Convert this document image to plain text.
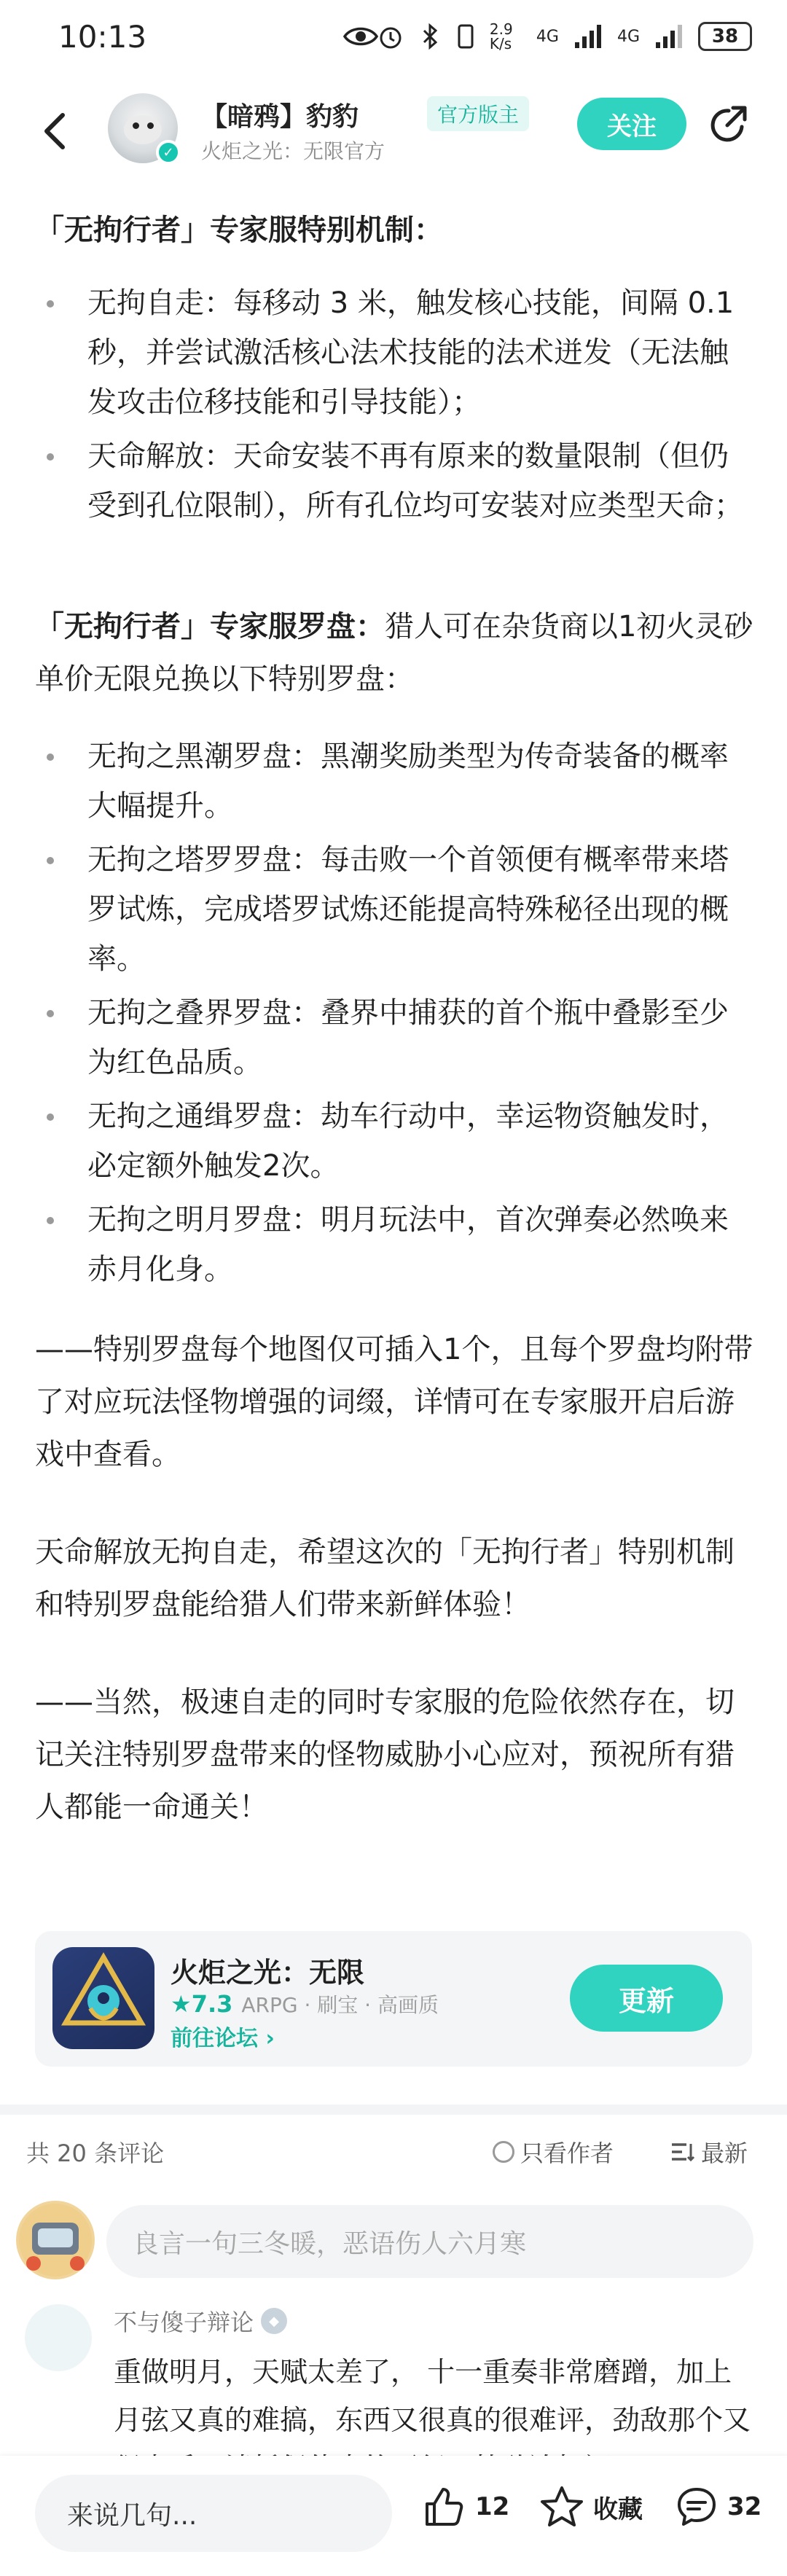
10:13	2.9 K/s	4G	4G	38
✓
【暗鸦】豹豹	官方版主
火炬之光：无限官方
关注
「无拘行者」专家服特别机制：
无拘自走：每移动 3 米，触发核心技能，间隔 0.1 秒，并尝试激活核心法术技能的法术迸发（无法触发攻击位移技能和引导技能）；
天命解放：天命安装不再有原来的数量限制（但仍受到孔位限制），所有孔位均可安装对应类型天命；
「无拘行者」专家服罗盘：猎人可在杂货商以1初火灵砂单价无限兑换以下特别罗盘：
无拘之黑潮罗盘：黑潮奖励类型为传奇装备的概率大幅提升。
无拘之塔罗罗盘：每击败一个首领便有概率带来塔罗试炼，完成塔罗试炼还能提高特殊秘径出现的概率。
无拘之叠界罗盘：叠界中捕获的首个瓶中叠影至少为红色品质。
无拘之通缉罗盘：劫车行动中，幸运物资触发时，必定额外触发2次。
无拘之明月罗盘：明月玩法中，首次弹奏必然唤来赤月化身。
——特别罗盘每个地图仅可插入1个，且每个罗盘均附带了对应玩法怪物增强的词缀，详情可在专家服开启后游戏中查看。
天命解放无拘自走，希望这次的「无拘行者」特别机制和特别罗盘能给猎人们带来新鲜体验！
——当然，极速自走的同时专家服的危险依然存在，切记关注特别罗盘带来的怪物威胁小心应对，预祝所有猎人都能一命通关！
火炬之光：无限
★7.3 ARPG · 刷宝 · 高画质
前往论坛 ›
更新
共 20 条评论	只看作者	最新
良言一句三冬暖，恶语伤人六月寒
不与傻子辩论	◆
重做明月，天赋太差了， 十一重奏非常磨蹭，加上月弦又真的难搞，东西又很真的很难评，劲敌那个又
来说几句...	12	收藏	32
